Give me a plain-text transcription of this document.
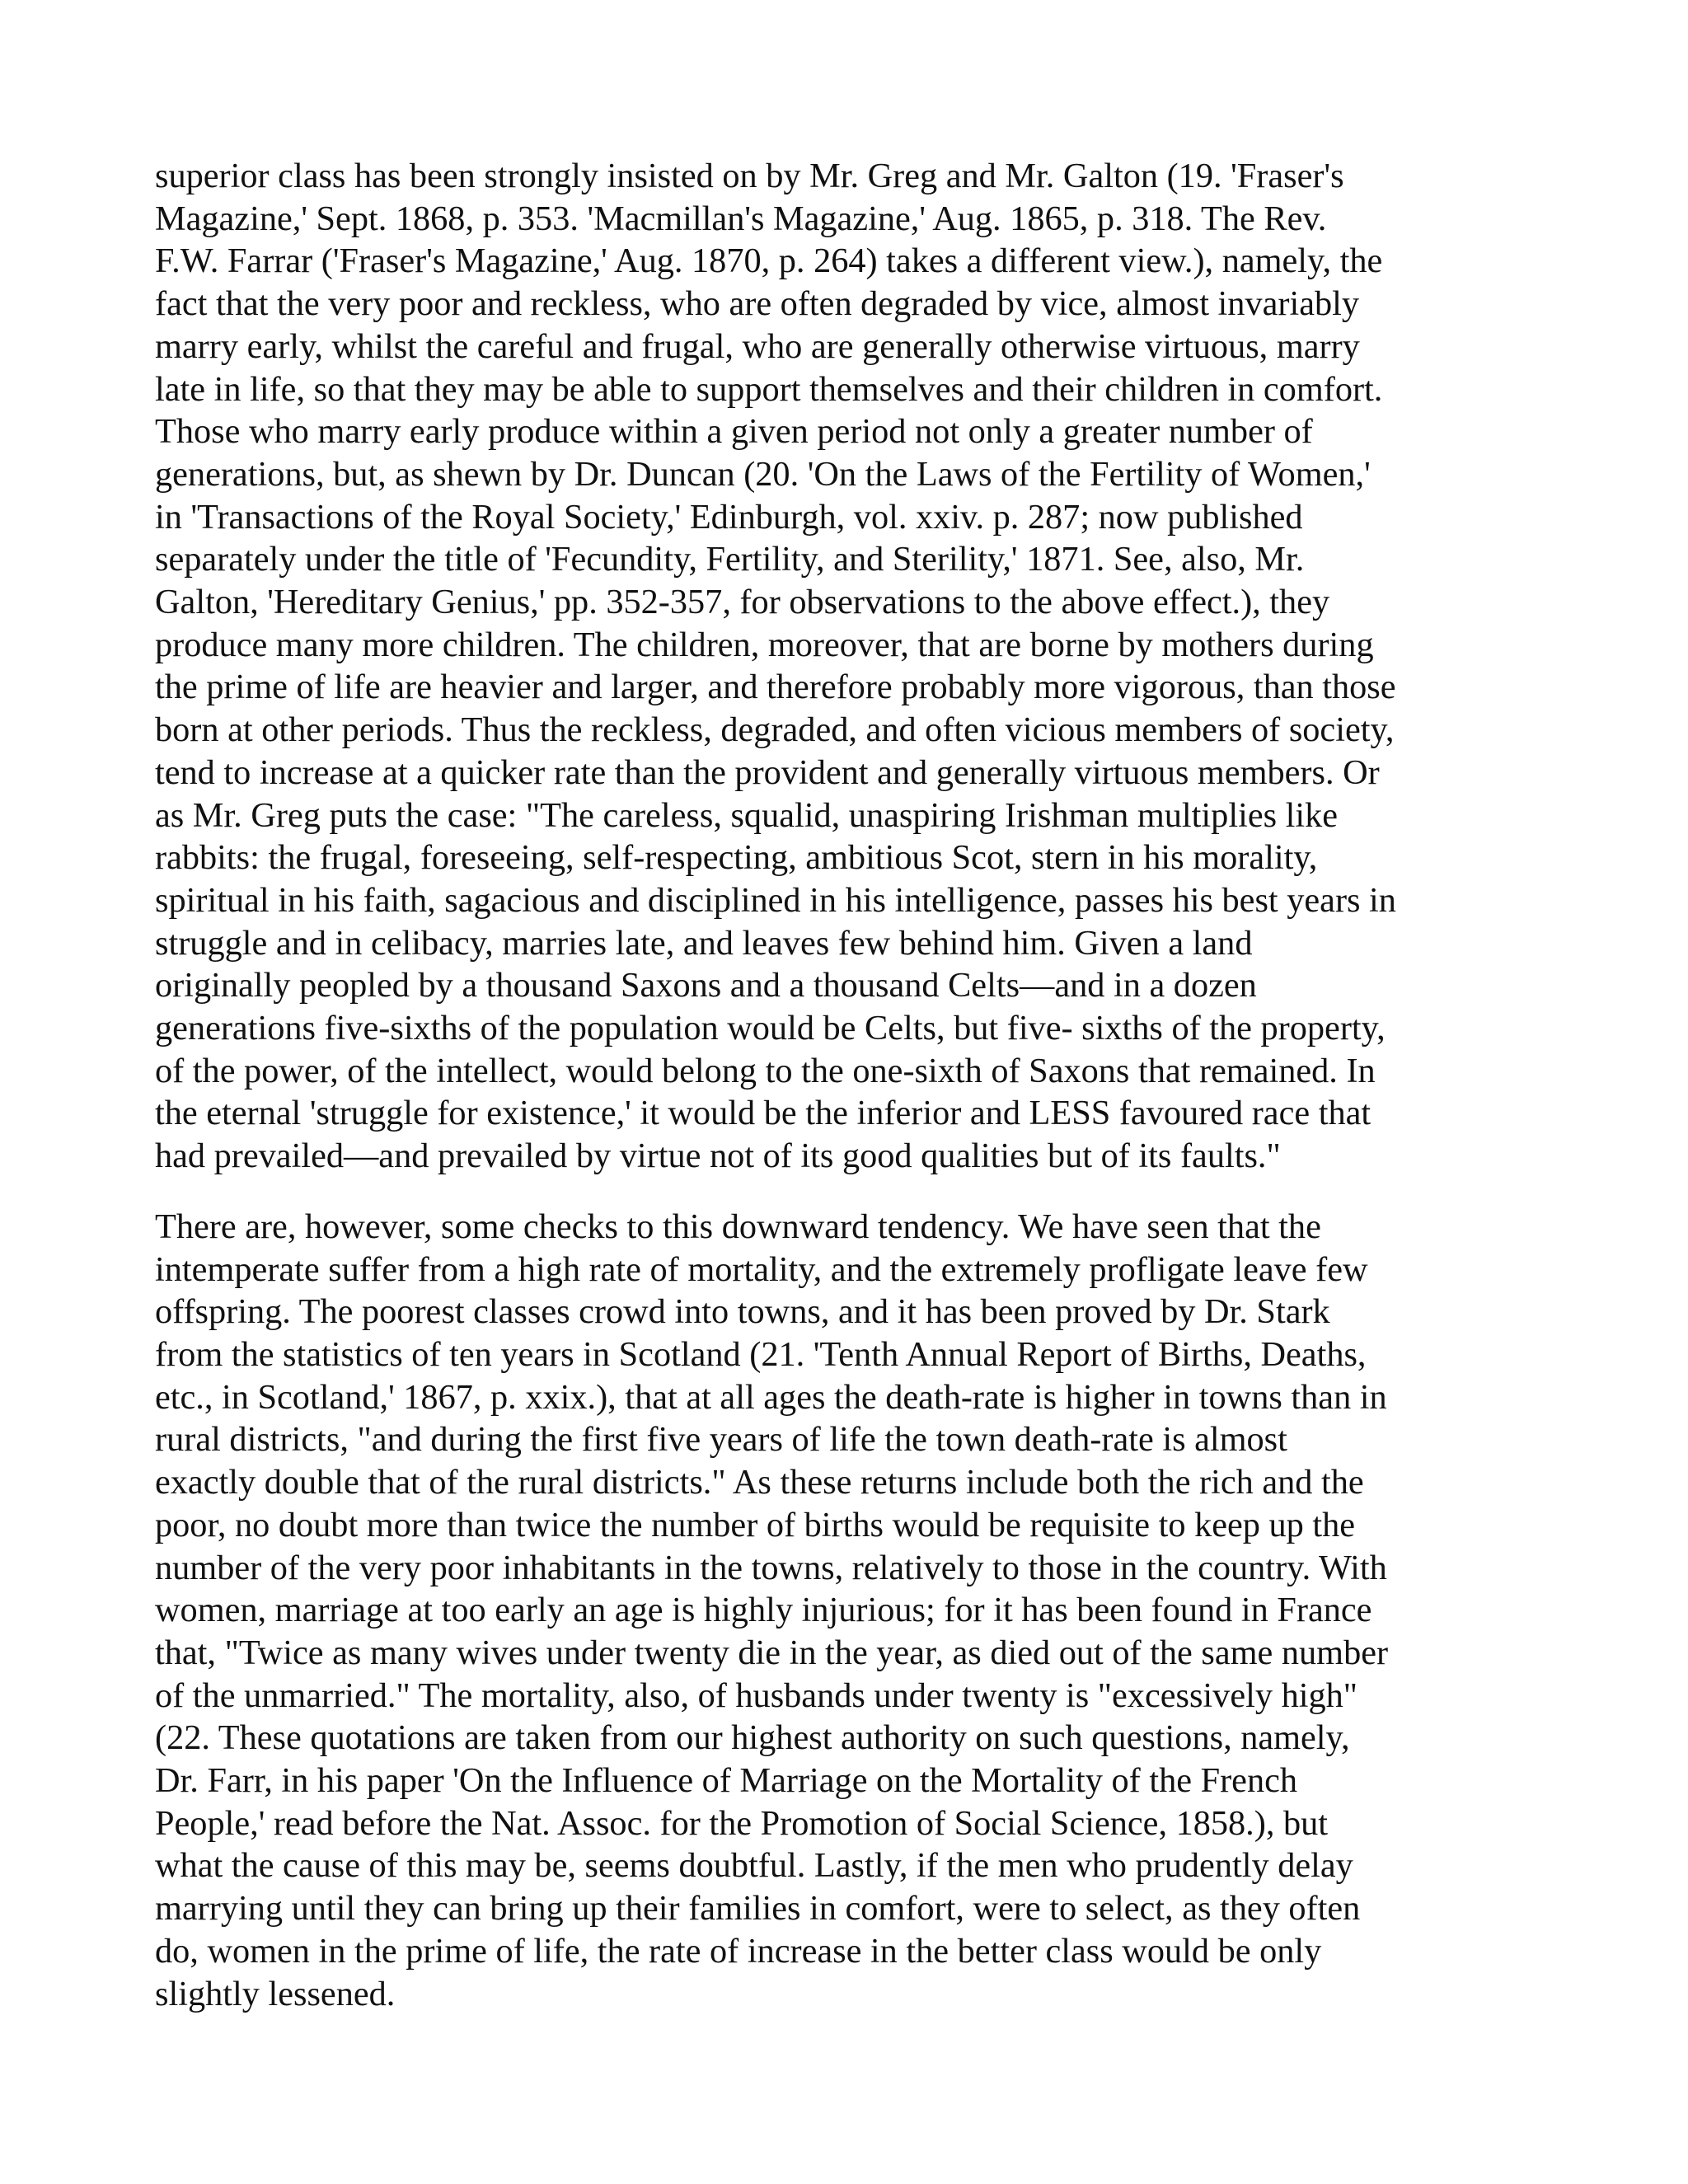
superior class has been strongly insisted on by Mr. Greg and Mr. Galton (19. 'Fraser's
Magazine,' Sept. 1868, p. 353. 'Macmillan's Magazine,' Aug. 1865, p. 318. The Rev.
F.W. Farrar ('Fraser's Magazine,' Aug. 1870, p. 264) takes a different view.), namely, the
fact that the very poor and reckless, who are often degraded by vice, almost invariably
marry early, whilst the careful and frugal, who are generally otherwise virtuous, marry
late in life, so that they may be able to support themselves and their children in comfort.
Those who marry early produce within a given period not only a greater number of
generations, but, as shewn by Dr. Duncan (20. 'On the Laws of the Fertility of Women,'
in 'Transactions of the Royal Society,' Edinburgh, vol. xxiv. p. 287; now published
separately under the title of 'Fecundity, Fertility, and Sterility,' 1871. See, also, Mr.
Galton, 'Hereditary Genius,' pp. 352-357, for observations to the above effect.), they
produce many more children. The children, moreover, that are borne by mothers during
the prime of life are heavier and larger, and therefore probably more vigorous, than those
born at other periods. Thus the reckless, degraded, and often vicious members of society,
tend to increase at a quicker rate than the provident and generally virtuous members. Or
as Mr. Greg puts the case: "The careless, squalid, unaspiring Irishman multiplies like
rabbits: the frugal, foreseeing, self-respecting, ambitious Scot, stern in his morality,
spiritual in his faith, sagacious and disciplined in his intelligence, passes his best years in
struggle and in celibacy, marries late, and leaves few behind him. Given a land
originally peopled by a thousand Saxons and a thousand Celts—and in a dozen
generations five-sixths of the population would be Celts, but five- sixths of the property,
of the power, of the intellect, would belong to the one-sixth of Saxons that remained. In
the eternal 'struggle for existence,' it would be the inferior and LESS favoured race that
had prevailed—and prevailed by virtue not of its good qualities but of its faults."

There are, however, some checks to this downward tendency. We have seen that the
intemperate suffer from a high rate of mortality, and the extremely profligate leave few
offspring. The poorest classes crowd into towns, and it has been proved by Dr. Stark
from the statistics of ten years in Scotland (21. 'Tenth Annual Report of Births, Deaths,
etc., in Scotland,' 1867, p. xxix.), that at all ages the death-rate is higher in towns than in
rural districts, "and during the first five years of life the town death-rate is almost
exactly double that of the rural districts." As these returns include both the rich and the
poor, no doubt more than twice the number of births would be requisite to keep up the
number of the very poor inhabitants in the towns, relatively to those in the country. With
women, marriage at too early an age is highly injurious; for it has been found in France
that, "Twice as many wives under twenty die in the year, as died out of the same number
of the unmarried." The mortality, also, of husbands under twenty is "excessively high"
(22. These quotations are taken from our highest authority on such questions, namely,
Dr. Farr, in his paper 'On the Influence of Marriage on the Mortality of the French
People,' read before the Nat. Assoc. for the Promotion of Social Science, 1858.), but
what the cause of this may be, seems doubtful. Lastly, if the men who prudently delay
marrying until they can bring up their families in comfort, were to select, as they often
do, women in the prime of life, the rate of increase in the better class would be only
slightly lessened.
